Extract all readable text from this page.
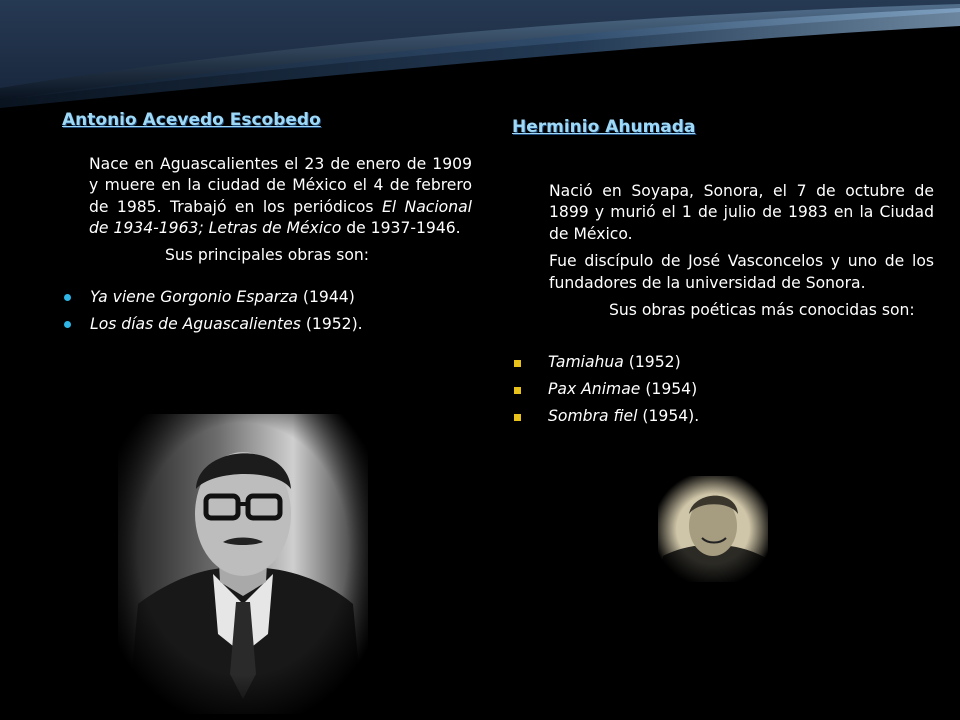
Antonio Acevedo Escobedo

Nace en Aguascalientes el 23 de enero de 1909 y muere en la ciudad de México el 4 de febrero de 1985. Trabajó en los periódicos El Nacional de 1934-1963; Letras de México de 1937-1946.

Sus principales obras son:
Ya viene Gorgonio Esparza (1944)
Los días de Aguascalientes (1952).
Herminio Ahumada

Nació en Soyapa, Sonora, el 7 de octubre de 1899 y murió el 1 de julio de 1983 en la Ciudad de México.

Fue discípulo de José Vasconcelos y uno de los fundadores de la universidad de Sonora.

Sus obras poéticas más conocidas son:

Tamiahua (1952)
Pax Animae (1954)
Sombra fiel (1954).
